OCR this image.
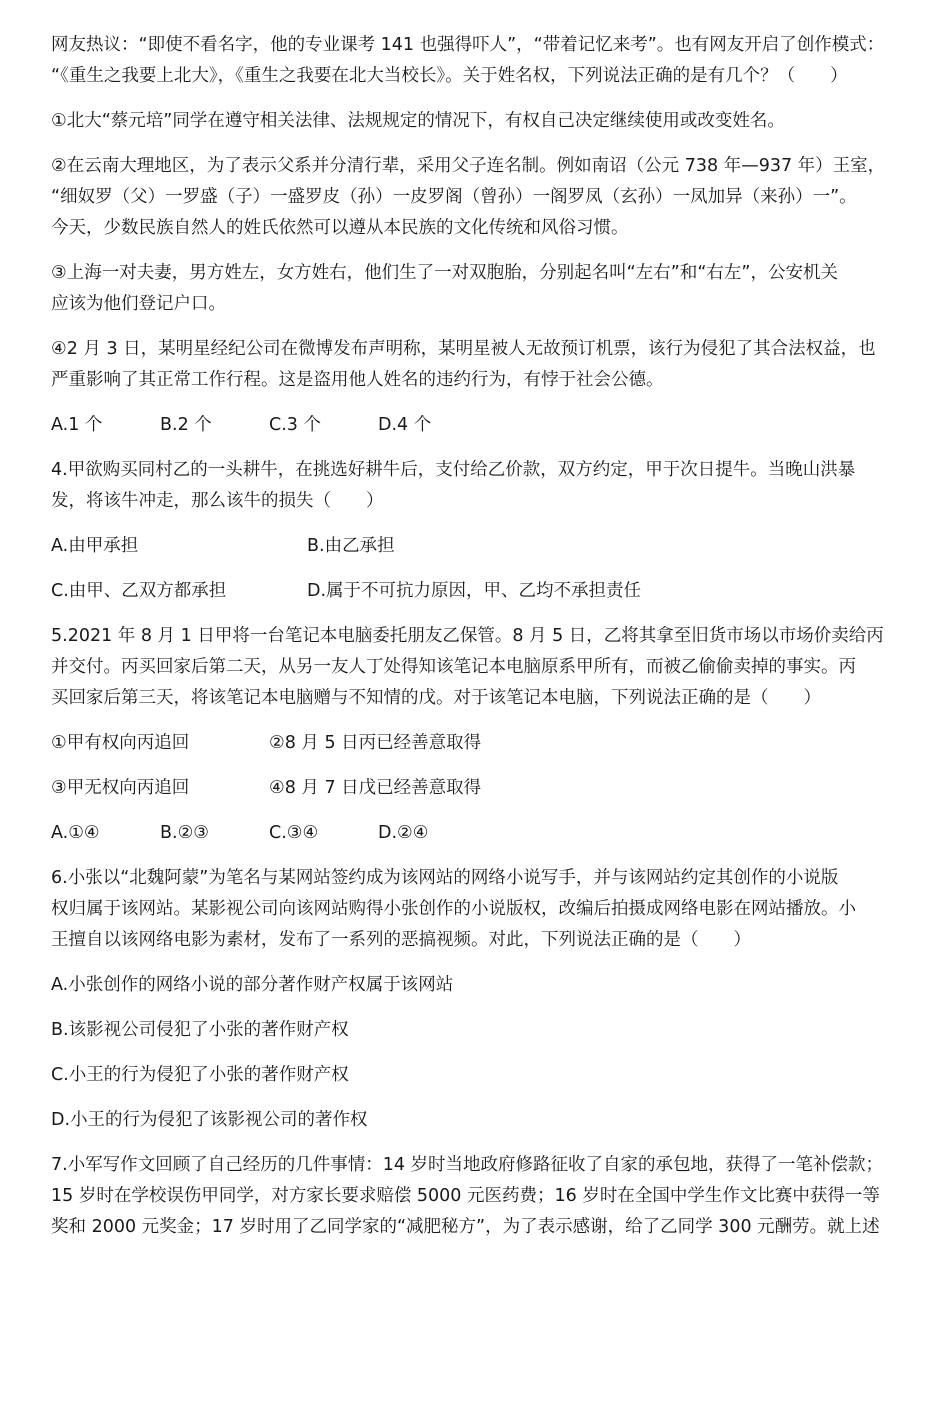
网友热议：“即使不看名字，他的专业课考 141 也强得吓人”，“带着记忆来考”。也有网友开启了创作模式：
“《重生之我要上北大》，《重生之我要在北大当校长》。关于姓名权，下列说法正确的是有几个？（　　）

①北大“蔡元培”同学在遵守相关法律、法规规定的情况下，有权自己决定继续使用或改变姓名。

②在云南大理地区，为了表示父系并分清行辈，采用父子连名制。例如南诏（公元 738 年—937 年）王室，
“细奴罗（父）一罗盛（子）一盛罗皮（孙）一皮罗阁（曾孙）一阁罗凤（玄孙）一凤加异（来孙）一”。
今天，少数民族自然人的姓氏依然可以遵从本民族的文化传统和风俗习惯。

③上海一对夫妻，男方姓左，女方姓右，他们生了一对双胞胎，分别起名叫“左右”和“右左”，公安机关
应该为他们登记户口。

④2 月 3 日，某明星经纪公司在微博发布声明称，某明星被人无故预订机票，该行为侵犯了其合法权益，也
严重影响了其正常工作行程。这是盗用他人姓名的违约行为，有悖于社会公德。

A.1 个	B.2 个	C.3 个	D.4 个

4.甲欲购买同村乙的一头耕牛，在挑选好耕牛后，支付给乙价款，双方约定，甲于次日提牛。当晚山洪暴
发，将该牛冲走，那么该牛的损失（　　）

A.由甲承担	B.由乙承担
C.由甲、乙双方都承担	D.属于不可抗力原因，甲、乙均不承担责任

5.2021 年 8 月 1 日甲将一台笔记本电脑委托朋友乙保管。8 月 5 日，乙将其拿至旧货市场以市场价卖给丙
并交付。丙买回家后第二天，从另一友人丁处得知该笔记本电脑原系甲所有，而被乙偷偷卖掉的事实。丙
买回家后第三天，将该笔记本电脑赠与不知情的戊。对于该笔记本电脑，下列说法正确的是（　　）

①甲有权向丙追回	②8 月 5 日丙已经善意取得
③甲无权向丙追回	④8 月 7 日戊已经善意取得
A.①④	B.②③	C.③④	D.②④

6.小张以“北魏阿蒙”为笔名与某网站签约成为该网站的网络小说写手，并与该网站约定其创作的小说版
权归属于该网站。某影视公司向该网站购得小张创作的小说版权，改编后拍摄成网络电影在网站播放。小
王擅自以该网络电影为素材，发布了一系列的恶搞视频。对此，下列说法正确的是（　　）

A.小张创作的网络小说的部分著作财产权属于该网站

B.该影视公司侵犯了小张的著作财产权

C.小王的行为侵犯了小张的著作财产权

D.小王的行为侵犯了该影视公司的著作权

7.小军写作文回顾了自己经历的几件事情：14 岁时当地政府修路征收了自家的承包地，获得了一笔补偿款；
15 岁时在学校误伤甲同学，对方家长要求赔偿 5000 元医药费；16 岁时在全国中学生作文比赛中获得一等
奖和 2000 元奖金；17 岁时用了乙同学家的“减肥秘方”，为了表示感谢，给了乙同学 300 元酬劳。就上述
